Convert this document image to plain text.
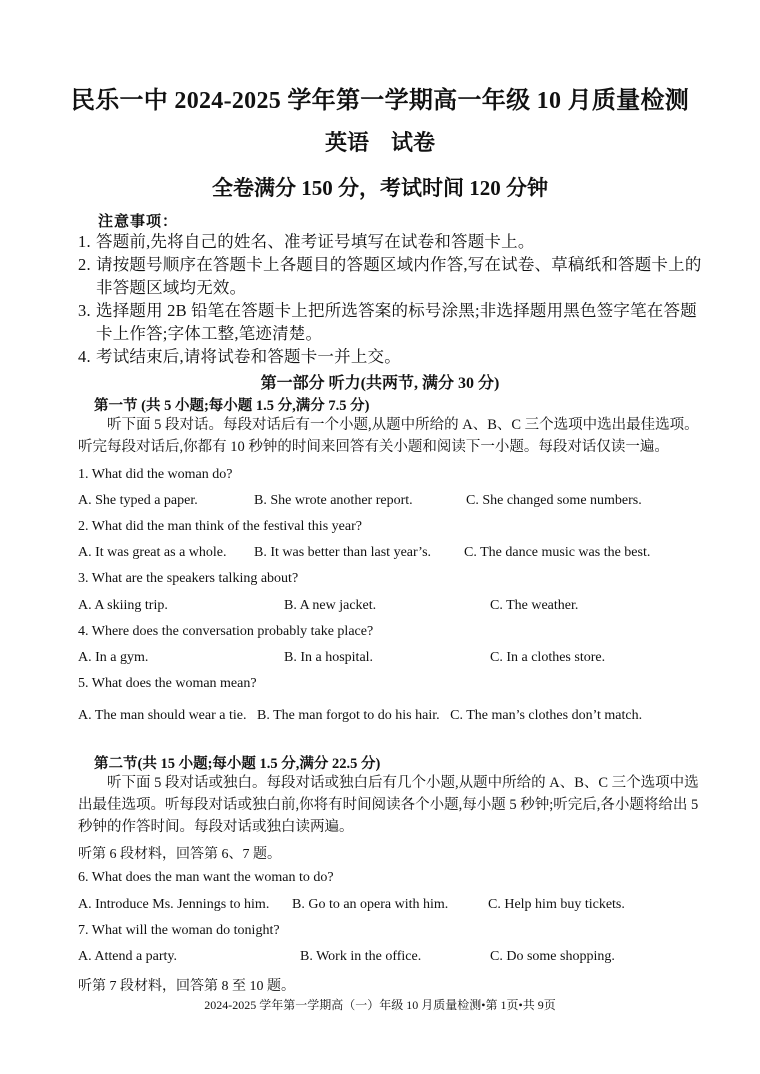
民乐一中 2024-2025 学年第一学期高一年级 10 月质量检测
英语 试卷
全卷满分 150 分，考试时间 120 分钟
注意事项：
1. 答题前,先将自己的姓名、准考证号填写在试卷和答题卡上。
2. 请按题号顺序在答题卡上各题目的答题区域内作答,写在试卷、草稿纸和答题卡上的非答题区域均无效。
3. 选择题用 2B 铅笔在答题卡上把所选答案的标号涂黑;非选择题用黑色签字笔在答题卡上作答;字体工整,笔迹清楚。
4. 考试结束后,请将试卷和答题卡一并上交。
第一部分 听力(共两节, 满分 30 分)
第一节 (共 5 小题;每小题 1.5 分,满分 7.5 分)

听下面 5 段对话。每段对话后有一个小题,从题中所给的 A、B、C 三个选项中选出最佳选项。听完每段对话后,你都有 10 秒钟的时间来回答有关小题和阅读下一小题。每段对话仅读一遍。

1. What did the woman do?
A. She typed a paper.	B. She wrote another report.	C. She changed some numbers.
2. What did the man think of the festival this year?
A. It was great as a whole. B. It was better than last year’s. C. The dance music was the best.
3. What are the speakers talking about?
A. A skiing trip.	B. A new jacket.	C. The weather.
4. Where does the conversation probably take place?
A. In a gym.	B. In a hospital.	C. In a clothes store.
5. What does the woman mean?
A. The man should wear a tie. B. The man forgot to do his hair. C. The man’s clothes don’t match.
第二节(共 15 小题;每小题 1.5 分,满分 22.5 分)

听下面 5 段对话或独白。每段对话或独白后有几个小题,从题中所给的 A、B、C 三个选项中选出最佳选项。听每段对话或独白前,你将有时间阅读各个小题,每小题 5 秒钟;听完后,各小题将给出 5 秒钟的作答时间。每段对话或独白读两遍。

听第 6 段材料，回答第 6、7 题。
6. What does the man want the woman to do?
A. Introduce Ms. Jennings to him. B. Go to an opera with him.	C. Help him buy tickets.
7. What will the woman do tonight?
A. Attend a party.	B. Work in the office.	C. Do some shopping.
听第 7 段材料，回答第 8 至 10 题。
2024-2025 学年第一学期高（一）年级 10 月质量检测•第 1页•共 9页
